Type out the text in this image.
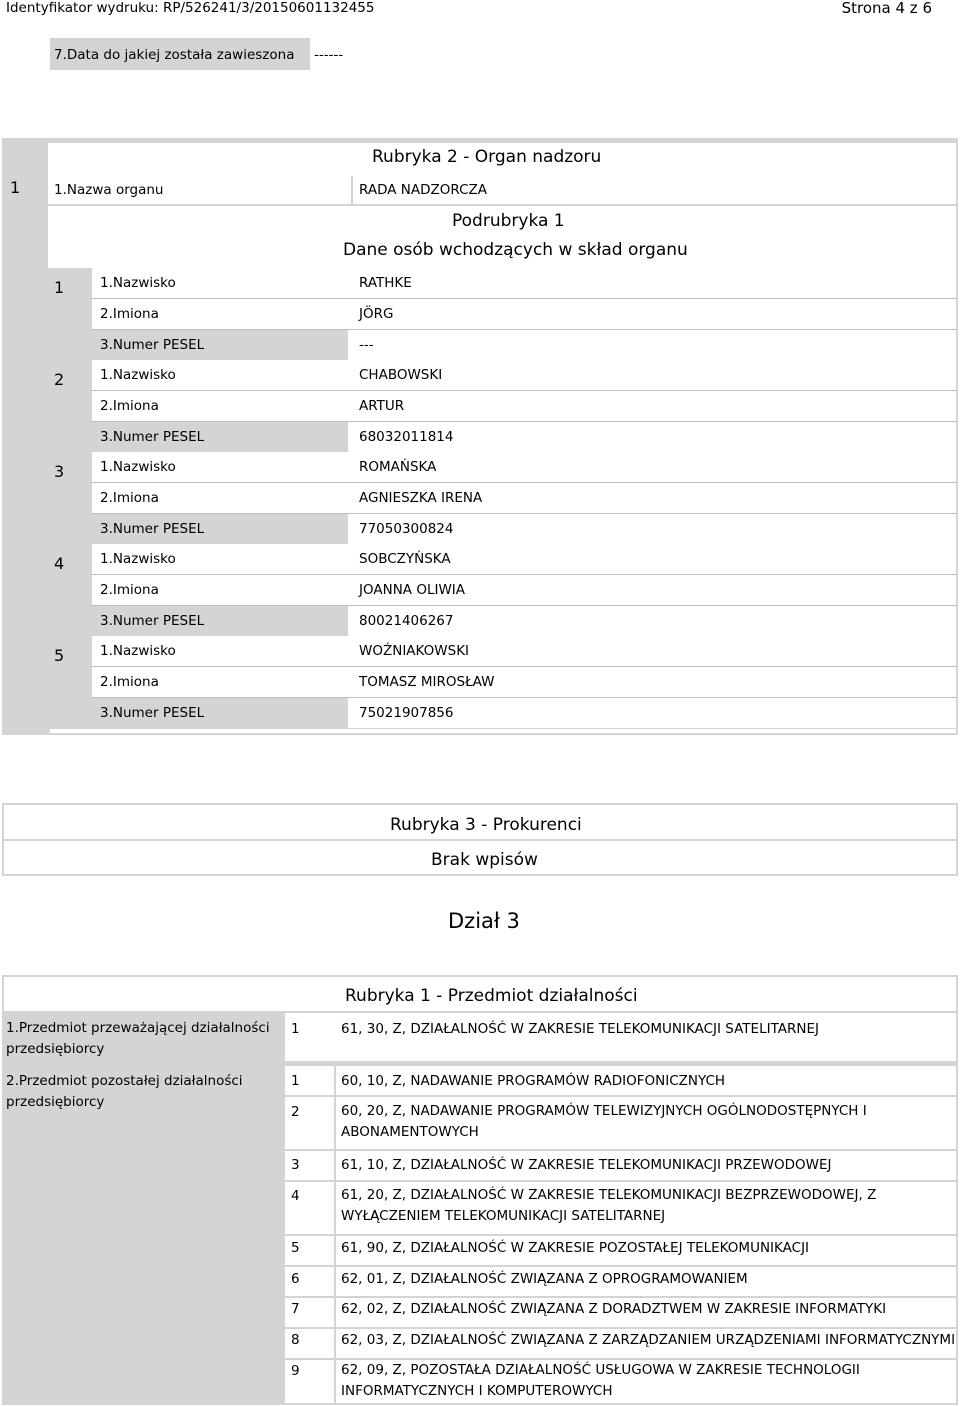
Identyfikator wydruku: RP/526241/3/20150601132455	Strona 4 z 6
7.Data do jakiej została zawieszona ------
Rubryka 2 - Organ nadzoru
1	1.Nazwa organu	RADA NADZORCZA
Podrubryka 1
Dane osób wchodzących w skład organu
1	1.Nazwisko	RATHKE
2.Imiona	JÖRG
3.Numer PESEL	---
2	1.Nazwisko	CHABOWSKI
2.Imiona	ARTUR
3.Numer PESEL	68032011814
3	1.Nazwisko	ROMAŃSKA
2.Imiona	AGNIESZKA IRENA
3.Numer PESEL	77050300824
4	1.Nazwisko	SOBCZYŃSKA
2.Imiona	JOANNA OLIWIA
3.Numer PESEL	80021406267
5	1.Nazwisko	WOŹNIAKOWSKI
2.Imiona	TOMASZ MIROSŁAW
3.Numer PESEL	75021907856
Rubryka 3 - Prokurenci
Brak wpisów
Dział 3
Rubryka 1 - Przedmiot działalności
1.Przedmiot przeważającej działalności przedsiębiorcy
1	61, 30, Z, DZIAŁALNOŚĆ W ZAKRESIE TELEKOMUNIKACJI SATELITARNEJ
2.Przedmiot pozostałej działalności przedsiębiorcy
1	60, 10, Z, NADAWANIE PROGRAMÓW RADIOFONICZNYCH
2	60, 20, Z, NADAWANIE PROGRAMÓW TELEWIZYJNYCH OGÓLNODOSTĘPNYCH I ABONAMENTOWYCH
3	61, 10, Z, DZIAŁALNOŚĆ W ZAKRESIE TELEKOMUNIKACJI PRZEWODOWEJ
4	61, 20, Z, DZIAŁALNOŚĆ W ZAKRESIE TELEKOMUNIKACJI BEZPRZEWODOWEJ, Z WYŁĄCZENIEM TELEKOMUNIKACJI SATELITARNEJ
5	61, 90, Z, DZIAŁALNOŚĆ W ZAKRESIE POZOSTAŁEJ TELEKOMUNIKACJI
6	62, 01, Z, DZIAŁALNOŚĆ ZWIĄZANA Z OPROGRAMOWANIEM
7	62, 02, Z, DZIAŁALNOŚĆ ZWIĄZANA Z DORADZTWEM W ZAKRESIE INFORMATYKI
8	62, 03, Z, DZIAŁALNOŚĆ ZWIĄZANA Z ZARZĄDZANIEM URZĄDZENIAMI INFORMATYCZNYMI
9	62, 09, Z, POZOSTAŁA DZIAŁALNOŚĆ USŁUGOWA W ZAKRESIE TECHNOLOGII INFORMATYCZNYCH I KOMPUTEROWYCH
